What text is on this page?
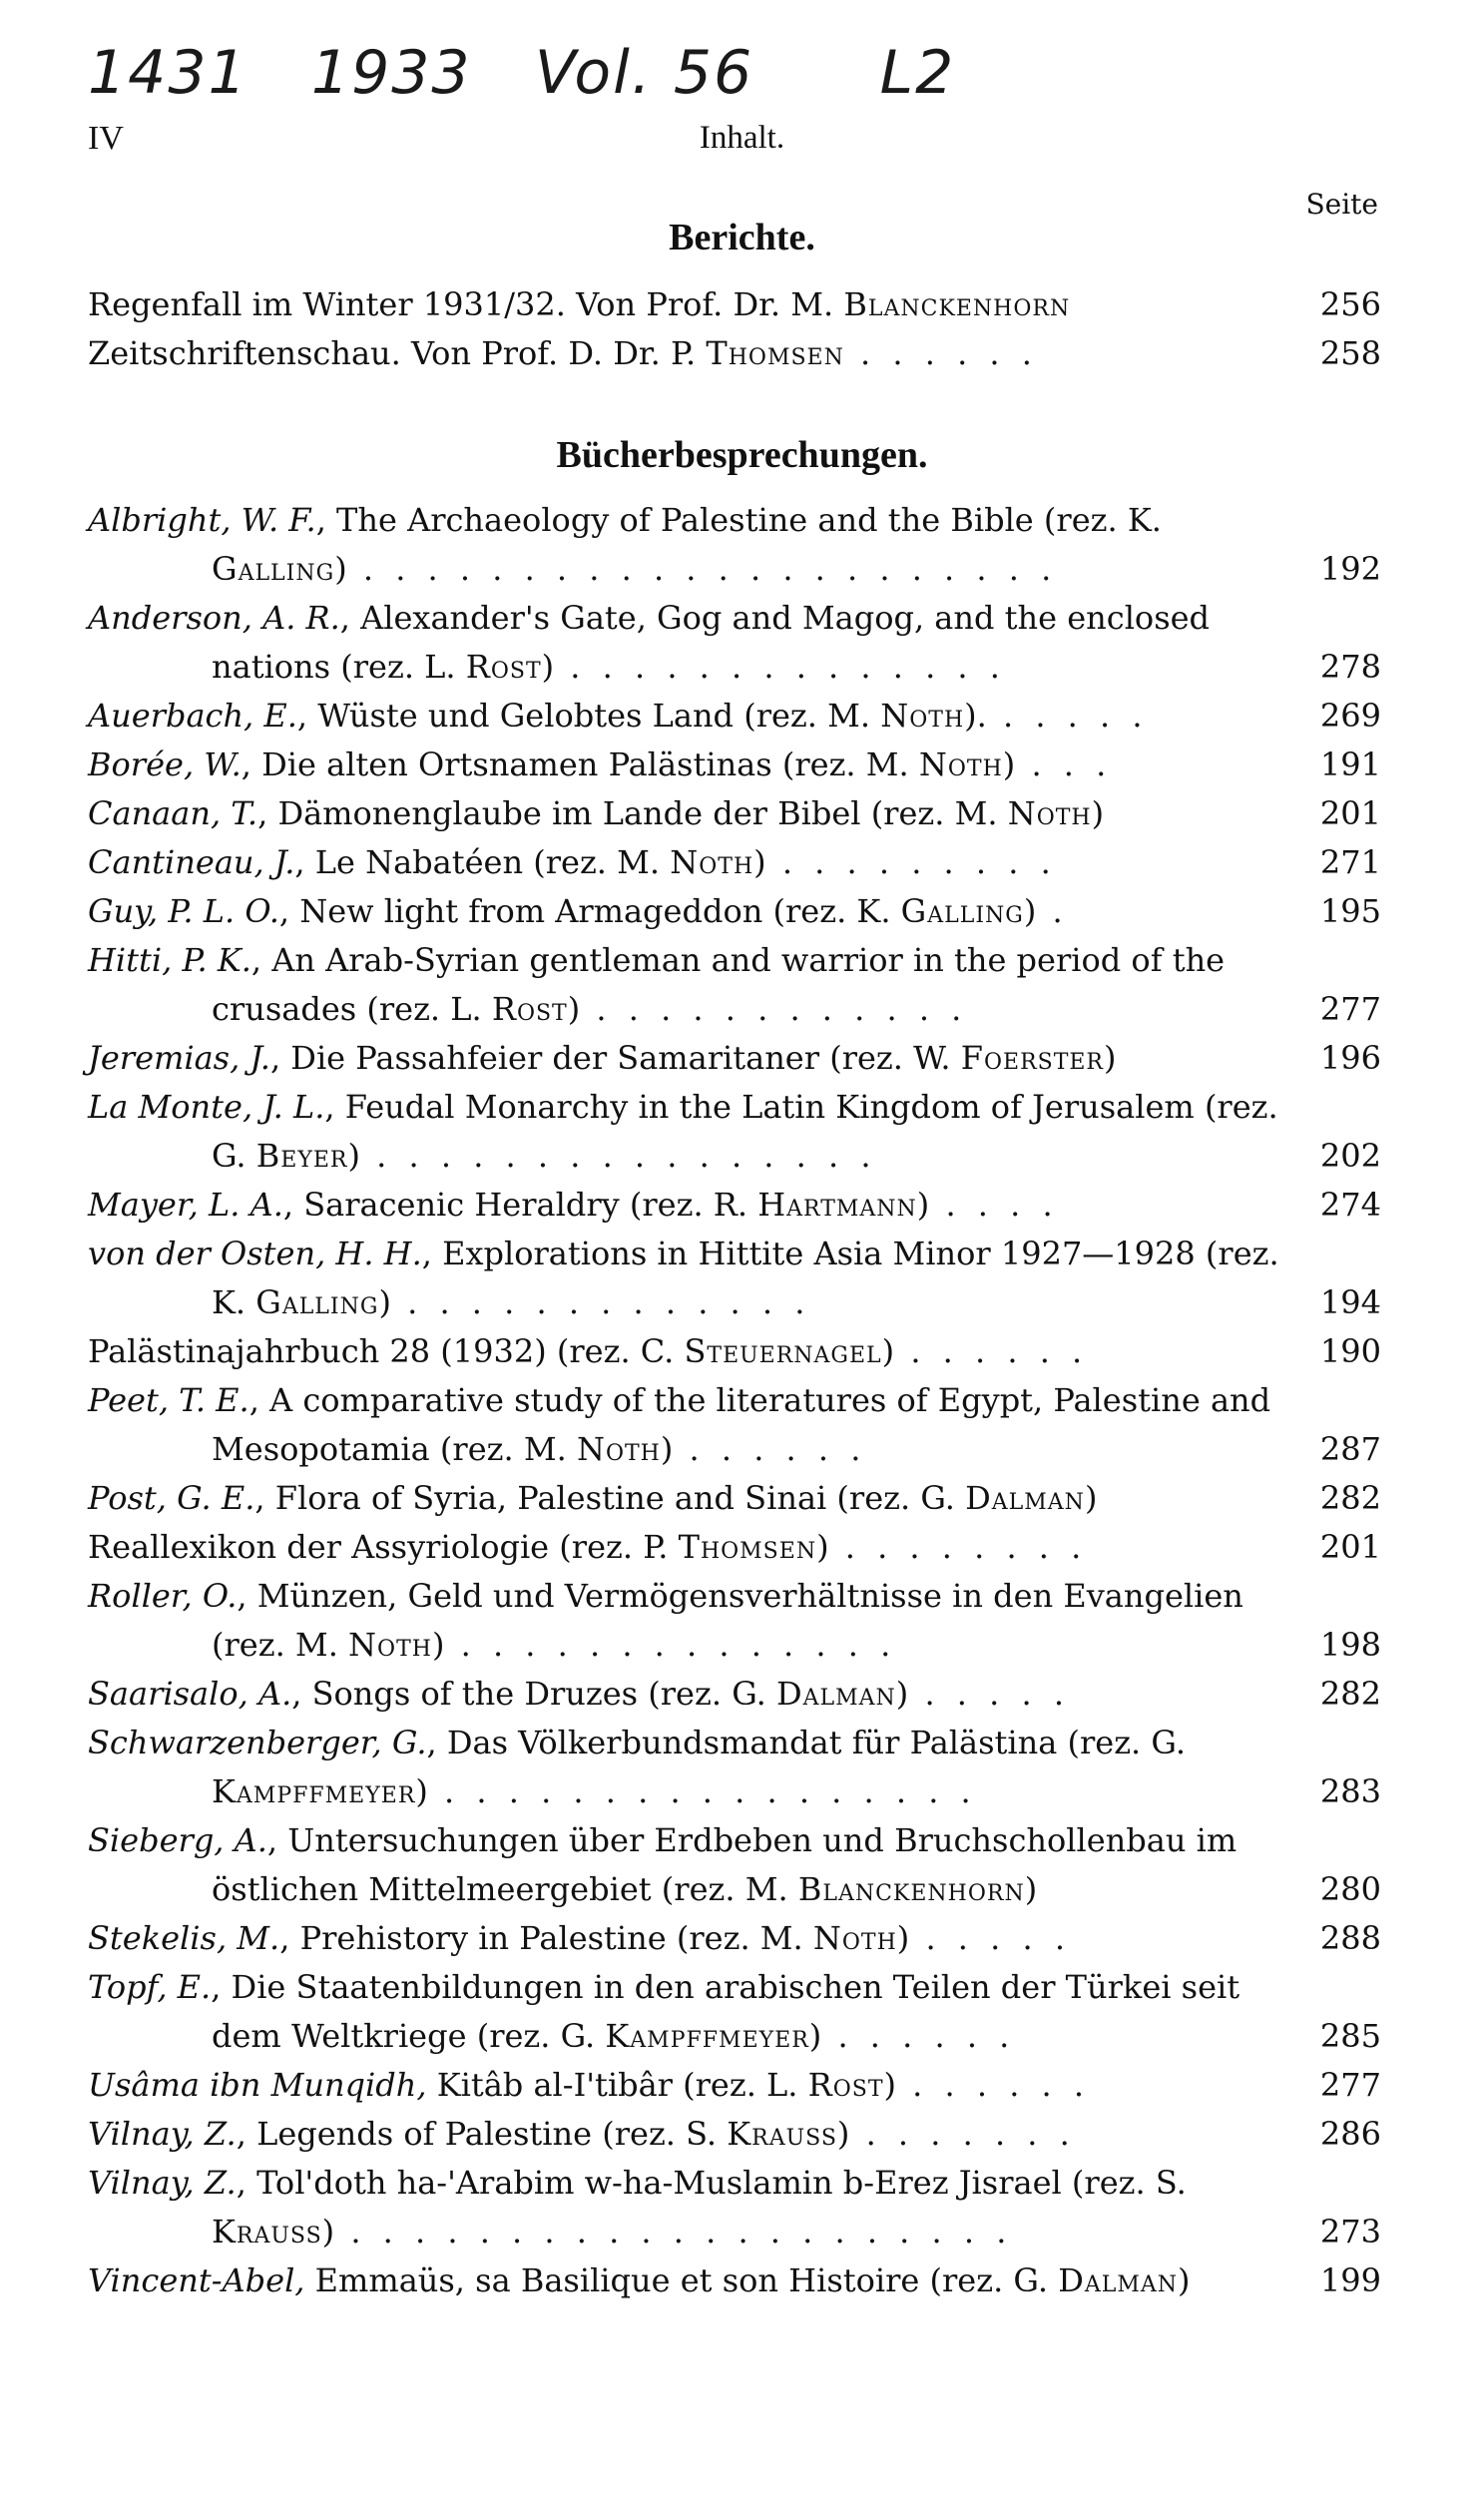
1431   1933   Vol. 56      L2
IV	Inhalt.
Berichte.
Seite
Regenfall im Winter 1931/32. Von Prof. Dr. M. Blanckenhorn	256
Zeitschriftenschau. Von Prof. D. Dr. P. Thomsen . . . . . .	258
Bücherbesprechungen.
Albright, W. F., The Archaeology of Palestine and the Bible (rez. K. Galling) . . . . . . . . . . . . . . . . . . . . . .	192
Anderson, A. R., Alexander's Gate, Gog and Magog, and the enclosed nations (rez. L. Rost) . . . . . . . . . . . . . .	278
Auerbach, E., Wüste und Gelobtes Land (rez. M. Noth). . . . . .	269
Borée, W., Die alten Ortsnamen Palästinas (rez. M. Noth) . . .	191
Canaan, T., Dämonenglaube im Lande der Bibel (rez. M. Noth)	201
Cantineau, J., Le Nabatéen (rez. M. Noth) . . . . . . . . .	271
Guy, P. L. O., New light from Armageddon (rez. K. Galling) .	195
Hitti, P. K., An Arab-Syrian gentleman and warrior in the period of the crusades (rez. L. Rost) . . . . . . . . . . . .	277
Jeremias, J., Die Passahfeier der Samaritaner (rez. W. Foerster)	196
La Monte, J. L., Feudal Monarchy in the Latin Kingdom of Jerusalem (rez. G. Beyer) . . . . . . . . . . . . . . . .	202
Mayer, L. A., Saracenic Heraldry (rez. R. Hartmann) . . . .	274
von der Osten, H. H., Explorations in Hittite Asia Minor 1927—1928 (rez. K. Galling) . . . . . . . . . . . . .	194
Palästinajahrbuch 28 (1932) (rez. C. Steuernagel) . . . . . .	190
Peet, T. E., A comparative study of the literatures of Egypt, Palestine and Mesopotamia (rez. M. Noth) . . . . . .	287
Post, G. E., Flora of Syria, Palestine and Sinai (rez. G. Dalman)	282
Reallexikon der Assyriologie (rez. P. Thomsen) . . . . . . . .	201
Roller, O., Münzen, Geld und Vermögensverhältnisse in den Evangelien (rez. M. Noth) . . . . . . . . . . . . . .	198
Saarisalo, A., Songs of the Druzes (rez. G. Dalman) . . . . .	282
Schwarzenberger, G., Das Völkerbundsmandat für Palästina (rez. G. Kampffmeyer) . . . . . . . . . . . . . . . . .	283
Sieberg, A., Untersuchungen über Erdbeben und Bruchschollenbau im östlichen Mittelmeergebiet (rez. M. Blanckenhorn)	280
Stekelis, M., Prehistory in Palestine (rez. M. Noth) . . . . .	288
Topf, E., Die Staatenbildungen in den arabischen Teilen der Türkei seit dem Weltkriege (rez. G. Kampffmeyer) . . . . . .	285
Usâma ibn Munqidh, Kitâb al-I'tibâr (rez. L. Rost) . . . . . .	277
Vilnay, Z., Legends of Palestine (rez. S. Krauss) . . . . . . .	286
Vilnay, Z., Tol'doth ha-'Arabim w-ha-Muslamin b-Erez Jisrael (rez. S. Krauss) . . . . . . . . . . . . . . . . . . . . .	273
Vincent-Abel, Emmaüs, sa Basilique et son Histoire (rez. G. Dalman)	199
